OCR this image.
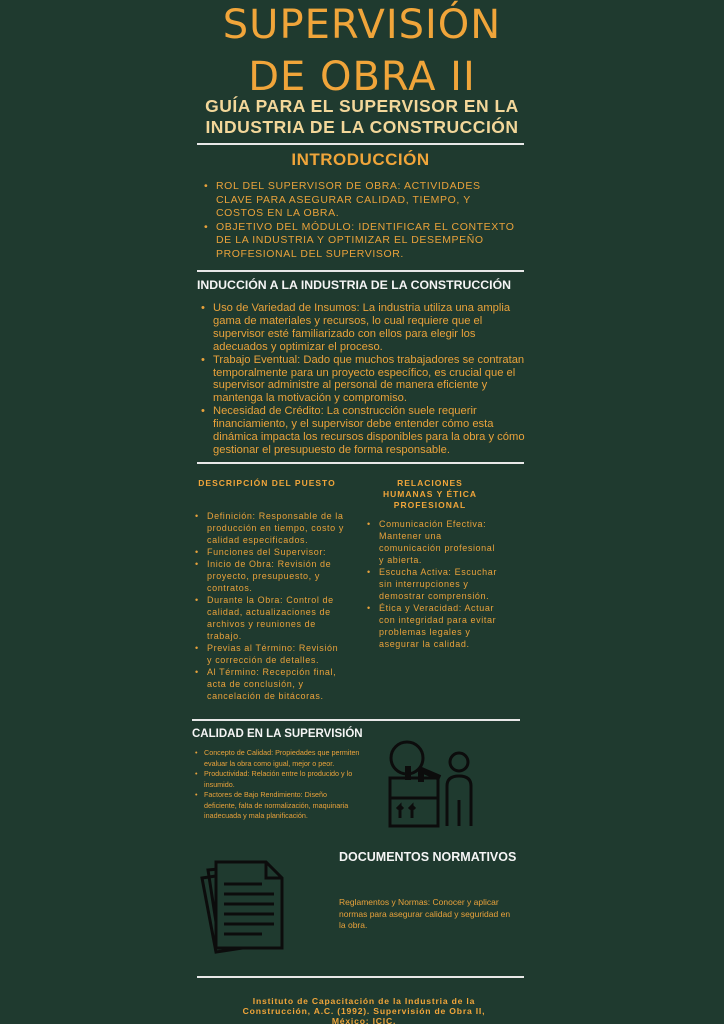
SUPERVISIÓN
DE OBRA II
GUÍA PARA EL SUPERVISOR EN LA
INDUSTRIA DE LA CONSTRUCCIÓN
INTRODUCCIÓN
• ROL DEL SUPERVISOR DE OBRA: ACTIVIDADES CLAVE PARA ASEGURAR CALIDAD, TIEMPO, Y COSTOS EN LA OBRA.
• OBJETIVO DEL MÓDULO: IDENTIFICAR EL CONTEXTO DE LA INDUSTRIA Y OPTIMIZAR EL DESEMPEÑO PROFESIONAL DEL SUPERVISOR.
INDUCCIÓN A LA INDUSTRIA DE LA CONSTRUCCIÓN
• Uso de Variedad de Insumos: La industria utiliza una amplia gama de materiales y recursos, lo cual requiere que el supervisor esté familiarizado con ellos para elegir los adecuados y optimizar el proceso.
• Trabajo Eventual: Dado que muchos trabajadores se contratan temporalmente para un proyecto específico, es crucial que el supervisor administre al personal de manera eficiente y mantenga la motivación y compromiso.
• Necesidad de Crédito: La construcción suele requerir financiamiento, y el supervisor debe entender cómo esta dinámica impacta los recursos disponibles para la obra y cómo gestionar el presupuesto de forma responsable.
DESCRIPCIÓN DEL PUESTO
• Definición: Responsable de la producción en tiempo, costo y calidad especificados.
• Funciones del Supervisor:
• Inicio de Obra: Revisión de proyecto, presupuesto, y contratos.
• Durante la Obra: Control de calidad, actualizaciones de archivos y reuniones de trabajo.
• Previas al Término: Revisión y corrección de detalles.
• Al Término: Recepción final, acta de conclusión, y cancelación de bitácoras.
RELACIONES
HUMANAS Y ÉTICA
PROFESIONAL
• Comunicación Efectiva: Mantener una comunicación profesional y abierta.
• Escucha Activa: Escuchar sin interrupciones y demostrar comprensión.
• Ética y Veracidad: Actuar con integridad para evitar problemas legales y asegurar la calidad.
CALIDAD EN LA SUPERVISIÓN
• Concepto de Calidad: Propiedades que permiten evaluar la obra como igual, mejor o peor.
• Productividad: Relación entre lo producido y lo insumido.
• Factores de Bajo Rendimiento: Diseño deficiente, falta de normalización, maquinaria inadecuada y mala planificación.
DOCUMENTOS NORMATIVOS
Reglamentos y Normas: Conocer y aplicar normas para asegurar calidad y seguridad en la obra.
Instituto de Capacitación de la Industria de la
Construcción, A.C. (1992). Supervisión de Obra II,
México: ICIC.
